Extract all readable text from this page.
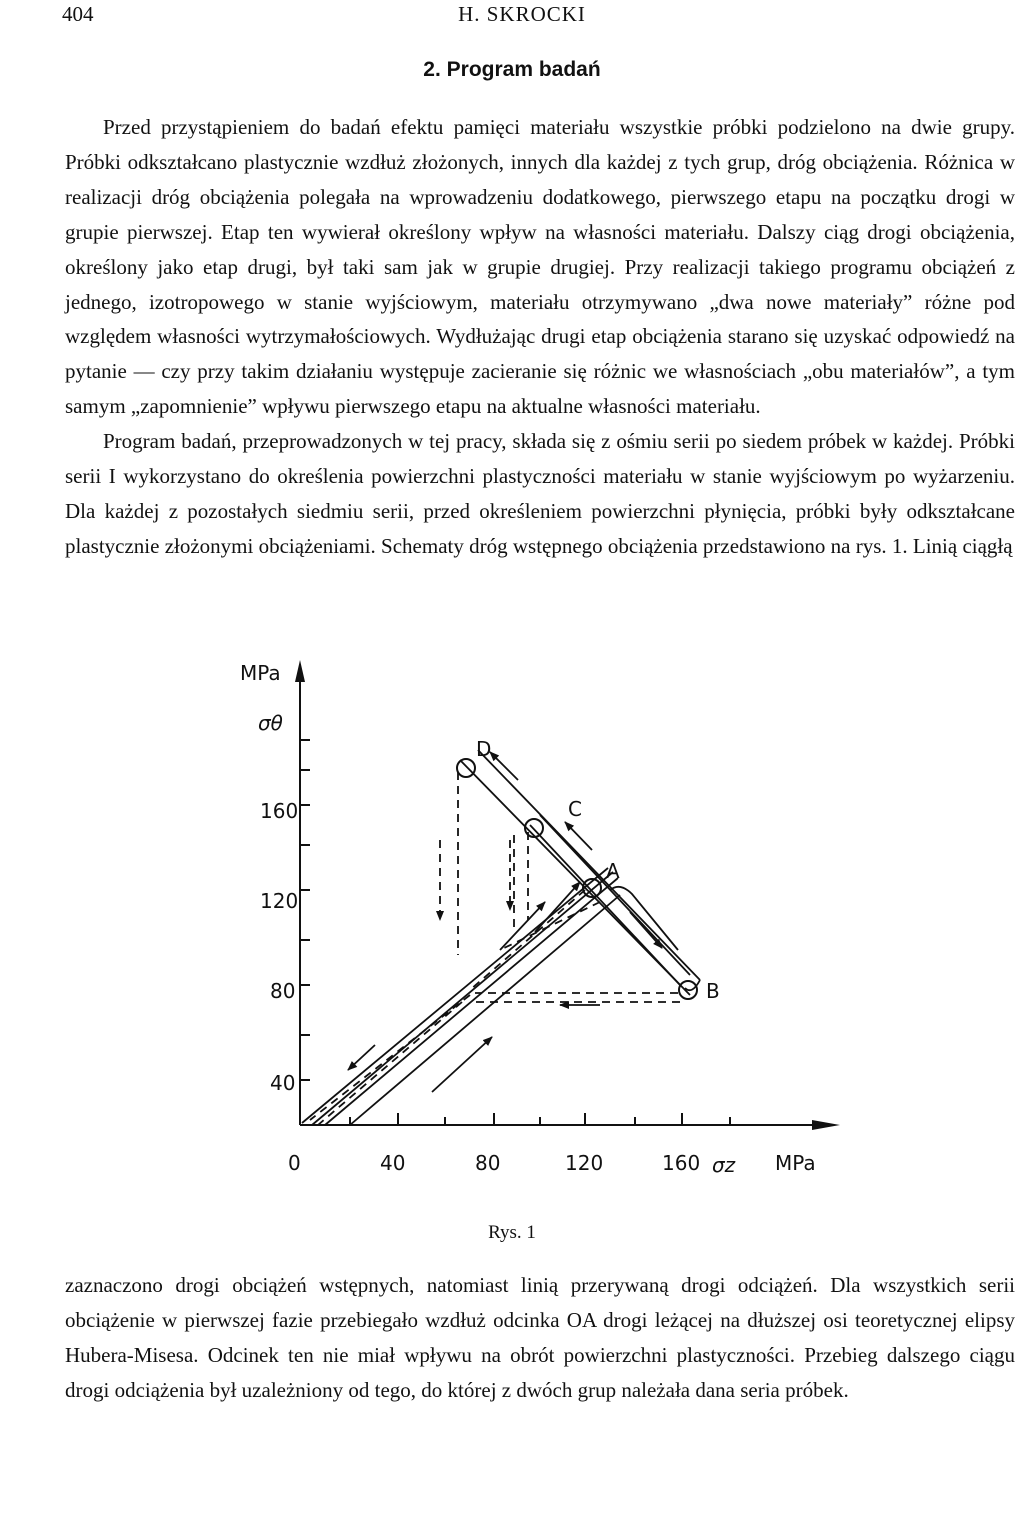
404	H. SKROCKI
2. Program badań

Przed przystąpieniem do badań efektu pamięci materiału wszystkie próbki podzielono na dwie grupy. Próbki odkształcano plastycznie wzdłuż złożonych, innych dla każdej z tych grup, dróg obciążenia. Różnica w realizacji dróg obciążenia polegała na wprowadzeniu dodatkowego, pierwszego etapu na początku drogi w grupie pierwszej. Etap ten wywierał określony wpływ na własności materiału. Dalszy ciąg drogi obciążenia, określony jako etap drugi, był taki sam jak w grupie drugiej. Przy realizacji takiego programu obciążeń z jednego, izotropowego w stanie wyjściowym, materiału otrzymywano „dwa nowe materiały” różne pod względem własności wytrzymałościowych. Wydłużając drugi etap obciążenia starano się uzyskać odpowiedź na pytanie — czy przy takim działaniu występuje zacieranie się różnic we własnościach „obu materiałów”, a tym samym „zapomnienie” wpływu pierwszego etapu na aktualne własności materiału.

Program badań, przeprowadzonych w tej pracy, składa się z ośmiu serii po siedem próbek w każdej. Próbki serii I wykorzystano do określenia powierzchni plastyczności materiału w stanie wyjściowym po wyżarzeniu. Dla każdej z pozostałych siedmiu serii, przed określeniem powierzchni płynięcia, próbki były odkształcane plastycznie złożonymi obciążeniami. Schematy dróg wstępnego obciążenia przedstawiono na rys. 1. Linią ciągłą

MPa
σθ
160
120
80
40
0	40	80	120	160 σz MPa
D
C
A
B
Rys. 1

zaznaczono drogi obciążeń wstępnych, natomiast linią przerywaną drogi odciążeń. Dla wszystkich serii obciążenie w pierwszej fazie przebiegało wzdłuż odcinka OA drogi leżącej na dłuższej osi teoretycznej elipsy Hubera-Misesa. Odcinek ten nie miał wpływu na obrót powierzchni plastyczności. Przebieg dalszego ciągu drogi odciążenia był uzależniony od tego, do której z dwóch grup należała dana seria próbek.
